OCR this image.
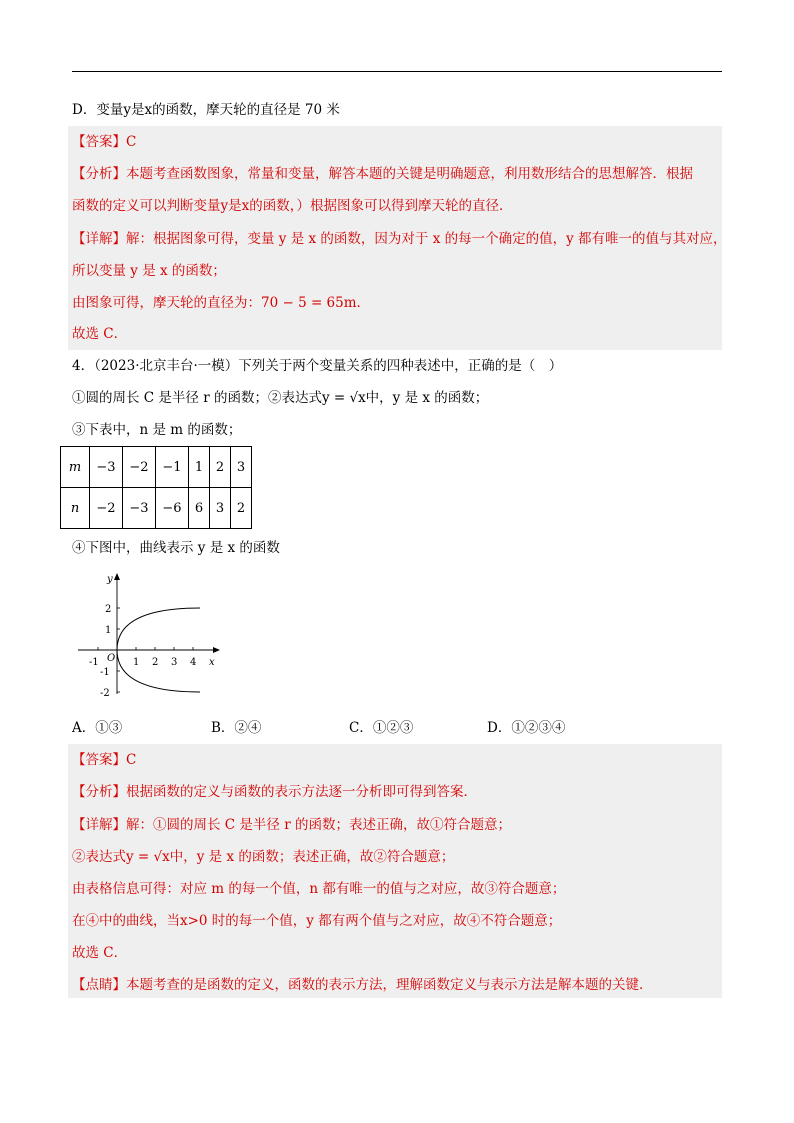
D．变量y是x的函数，摩天轮的直径是 70 米
【答案】C
【分析】本题考查函数图象，常量和变量，解答本题的关键是明确题意，利用数形结合的思想解答．根据
函数的定义可以判断变量y是x的函数，）根据图象可以得到摩天轮的直径．
【详解】解：根据图象可得，变量 y 是 x 的函数，因为对于 x 的每一个确定的值，y 都有唯一的值与其对应，
所以变量 y 是 x 的函数；
由图象可得，摩天轮的直径为：70 − 5 = 65m．
故选 C．
4．（2023·北京丰台·一模）下列关于两个变量关系的四种表述中，正确的是（　）
①圆的周长 C 是半径 r 的函数；②表达式y = √x中，y 是 x 的函数；
③下表中，n 是 m 的函数；
m	−3	−2	−1	1	2	3
n	−2	−3	−6	6	3	2
④下图中，曲线表示 y 是 x 的函数
x
y
O
-1	1 2 3 4
2
1
-1
-2
A．①③	B．②④	C．①②③	D．①②③④
【答案】C
【分析】根据函数的定义与函数的表示方法逐一分析即可得到答案．
【详解】解：①圆的周长 C 是半径 r 的函数；表述正确，故①符合题意；
②表达式y = √x中，y 是 x 的函数；表述正确，故②符合题意；
由表格信息可得：对应 m 的每一个值，n 都有唯一的值与之对应，故③符合题意；
在④中的曲线，当x>0 时的每一个值，y 都有两个值与之对应，故④不符合题意；
故选 C．
【点睛】本题考查的是函数的定义，函数的表示方法，理解函数定义与表示方法是解本题的关键．
